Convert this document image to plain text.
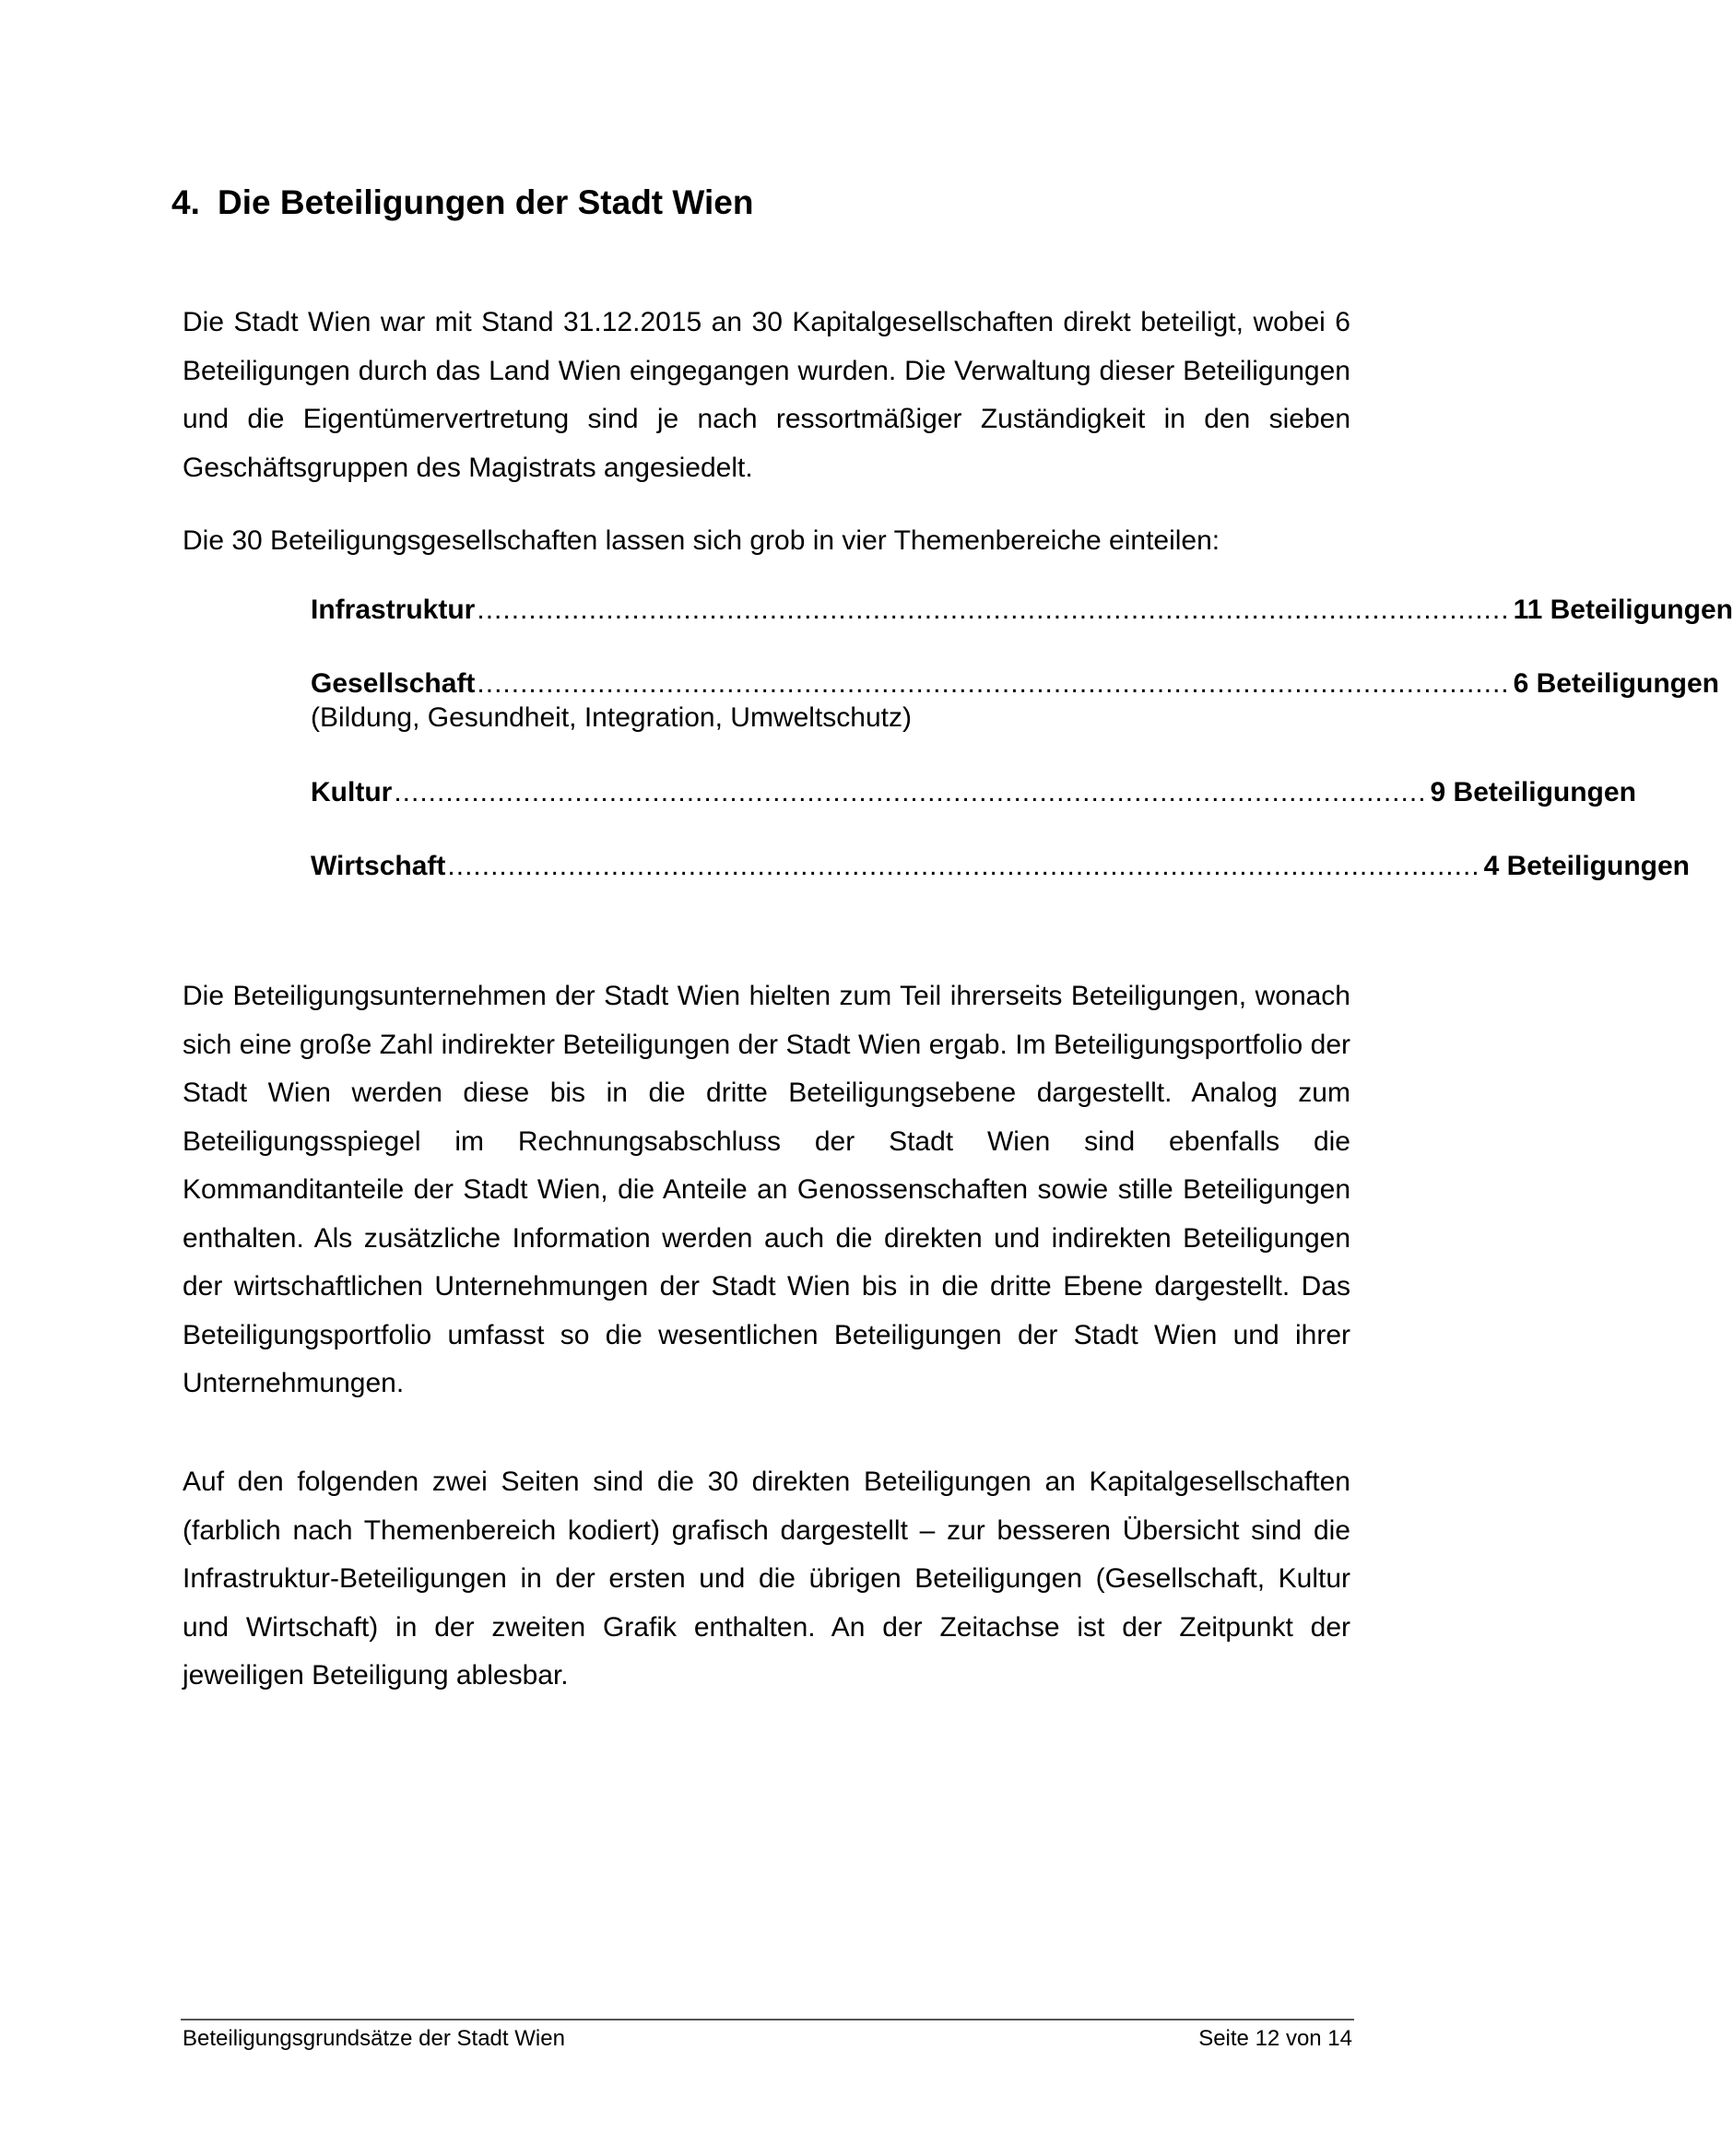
4. Die Beteiligungen der Stadt Wien

Die Stadt Wien war mit Stand 31.12.2015 an 30 Kapitalgesellschaften direkt beteiligt, wobei 6 Beteiligungen durch das Land Wien eingegangen wurden. Die Verwaltung dieser Beteiligungen und die Eigentümervertretung sind je nach ressortmäßiger Zuständigkeit in den sieben Geschäftsgruppen des Magistrats angesiedelt.

Die 30 Beteiligungsgesellschaften lassen sich grob in vier Themenbereiche einteilen:

Infrastruktur ........................................................................................................................ 11 Beteiligungen
Gesellschaft ........................................................................................................................ 6 Beteiligungen
(Bildung, Gesundheit, Integration, Umweltschutz)
Kultur ........................................................................................................................ 9 Beteiligungen
Wirtschaft ........................................................................................................................ 4 Beteiligungen

Die Beteiligungsunternehmen der Stadt Wien hielten zum Teil ihrerseits Beteiligungen, wonach sich eine große Zahl indirekter Beteiligungen der Stadt Wien ergab. Im Beteiligungsportfolio der Stadt Wien werden diese bis in die dritte Beteiligungsebene dargestellt. Analog zum Beteiligungsspiegel im Rechnungsabschluss der Stadt Wien sind ebenfalls die Kommanditanteile der Stadt Wien, die Anteile an Genossenschaften sowie stille Beteiligungen enthalten. Als zusätzliche Information werden auch die direkten und indirekten Beteiligungen der wirtschaftlichen Unternehmungen der Stadt Wien bis in die dritte Ebene dargestellt. Das Beteiligungsportfolio umfasst so die wesentlichen Beteiligungen der Stadt Wien und ihrer Unternehmungen.

Auf den folgenden zwei Seiten sind die 30 direkten Beteiligungen an Kapitalgesellschaften (farblich nach Themenbereich kodiert) grafisch dargestellt – zur besseren Übersicht sind die Infrastruktur-Beteiligungen in der ersten und die übrigen Beteiligungen (Gesellschaft, Kultur und Wirtschaft) in der zweiten Grafik enthalten. An der Zeitachse ist der Zeitpunkt der jeweiligen Beteiligung ablesbar.

Beteiligungsgrundsätze der Stadt Wien	Seite 12 von 14
